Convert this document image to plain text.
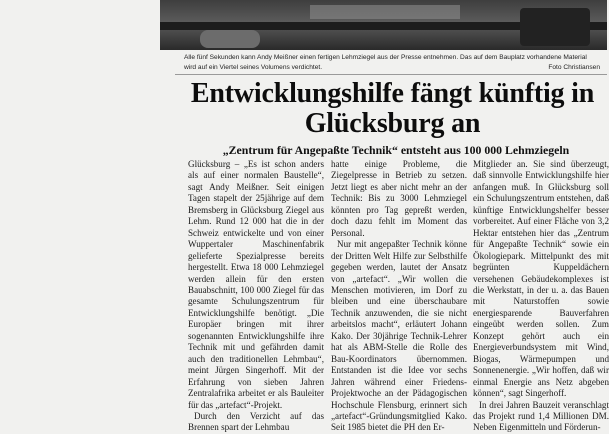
Alle fünf Sekunden kann Andy Meißner einen fertigen Lehmziegel aus der Presse entnehmen. Das auf dem Bauplatz vorhandene Material wird auf ein Viertel seines Volumens verdichtet.	Foto Christiansen
Entwicklungshilfe fängt künftig in Glücksburg an
„Zentrum für Angepaßte Technik“ entsteht aus 100 000 Lehmziegeln

Glücksburg – „Es ist schon anders als auf einer normalen Baustelle“, sagt Andy Meißner. Seit einigen Tagen stapelt der 25jährige auf dem Bremsberg in Glücksburg Ziegel aus Lehm. Rund 12 000 hat die in der Schweiz entwickelte und von einer Wuppertaler Maschinenfabrik gelieferte Spezialpresse bereits hergestellt. Etwa 18 000 Lehmziegel werden allein für den ersten Bauabschnitt, 100 000 Ziegel für das gesamte Schulungszentrum für Entwicklungshilfe benötigt. „Die Europäer bringen mit ihrer sogenannten Entwicklungshilfe ihre Technik mit und gefährden damit auch den traditionellen Lehmbau“, meint Jürgen Singerhoff. Mit der Erfahrung von sieben Jahren Zentralafrika arbeitet er als Bauleiter für das „artefact“-Projekt.

Durch den Verzicht auf das Brennen spart der Lehmbau

hatte einige Probleme, die Ziegelpresse in Betrieb zu setzen. Jetzt liegt es aber nicht mehr an der Technik: Bis zu 3000 Lehmziegel könnten pro Tag gepreßt werden, doch dazu fehlt im Moment das Personal.

Nur mit angepaßter Technik könne der Dritten Welt Hilfe zur Selbsthilfe gegeben werden, lautet der Ansatz von „artefact“. „Wir wollen die Menschen motivieren, im Dorf zu bleiben und eine überschaubare Technik anzuwenden, die sie nicht arbeitslos macht“, erläutert Johann Kako. Der 30jährige Technik-Lehrer hat als ABM-Stelle die Rolle des Bau-Koordinators übernommen. Entstanden ist die Idee vor sechs Jahren während einer Friedens-Projektwoche an der Pädagogischen Hochschule Flensburg, erinnert sich „artefact“-Gründungsmitglied Kako. Seit 1985 bietet die PH den Er-

Mitglieder an. Sie sind überzeugt, daß sinnvolle Entwicklungshilfe hier anfangen muß. In Glücksburg soll ein Schulungszentrum entstehen, daß künftige Entwicklungshelfer besser vorbereitet. Auf einer Fläche von 3,2 Hektar entstehen hier das „Zentrum für Angepaßte Technik“ sowie ein Ökologiepark. Mittelpunkt des mit begrünten Kuppeldächern versehenen Gebäudekomplexes ist die Werkstatt, in der u. a. das Bauen mit Naturstoffen sowie energiesparende Bauverfahren eingeübt werden sollen. Zum Konzept gehört auch ein Energieverbundsystem mit Wind, Biogas, Wärmepumpen und Sonnenenergie. „Wir hoffen, daß wir einmal Energie ans Netz abgeben können“, sagt Singerhoff.

In drei Jahren Bauzeit veranschlagt das Projekt rund 1,4 Millionen DM. Neben Eigenmitteln und Förderun-
